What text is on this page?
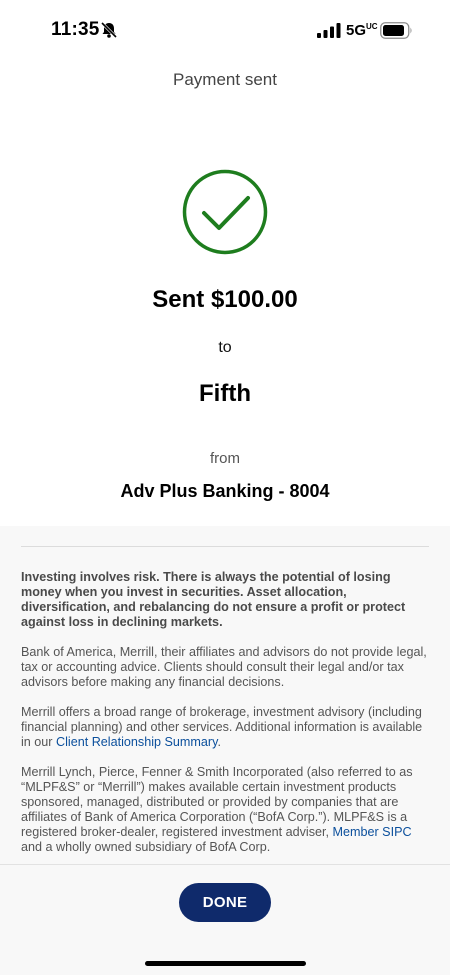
11:35	$5G^{UC}$
Payment sent
Sent $100.00
to
Fifth
from
Adv Plus Banking - 8004

Investing involves risk. There is always the potential of losing money when you invest in securities. Asset allocation, diversification, and rebalancing do not ensure a profit or protect against loss in declining markets.

Bank of America, Merrill, their affiliates and advisors do not provide legal, tax or accounting advice. Clients should consult their legal and/or tax advisors before making any financial decisions.

Merrill offers a broad range of brokerage, investment advisory (including financial planning) and other services. Additional information is available in our Client Relationship Summary.

Merrill Lynch, Pierce, Fenner & Smith Incorporated (also referred to as “MLPF&S” or “Merrill”) makes available certain investment products sponsored, managed, distributed or provided by companies that are affiliates of Bank of America Corporation (“BofA Corp.”). MLPF&S is a registered broker-dealer, registered investment adviser, Member SIPC and a wholly owned subsidiary of BofA Corp.

DONE
